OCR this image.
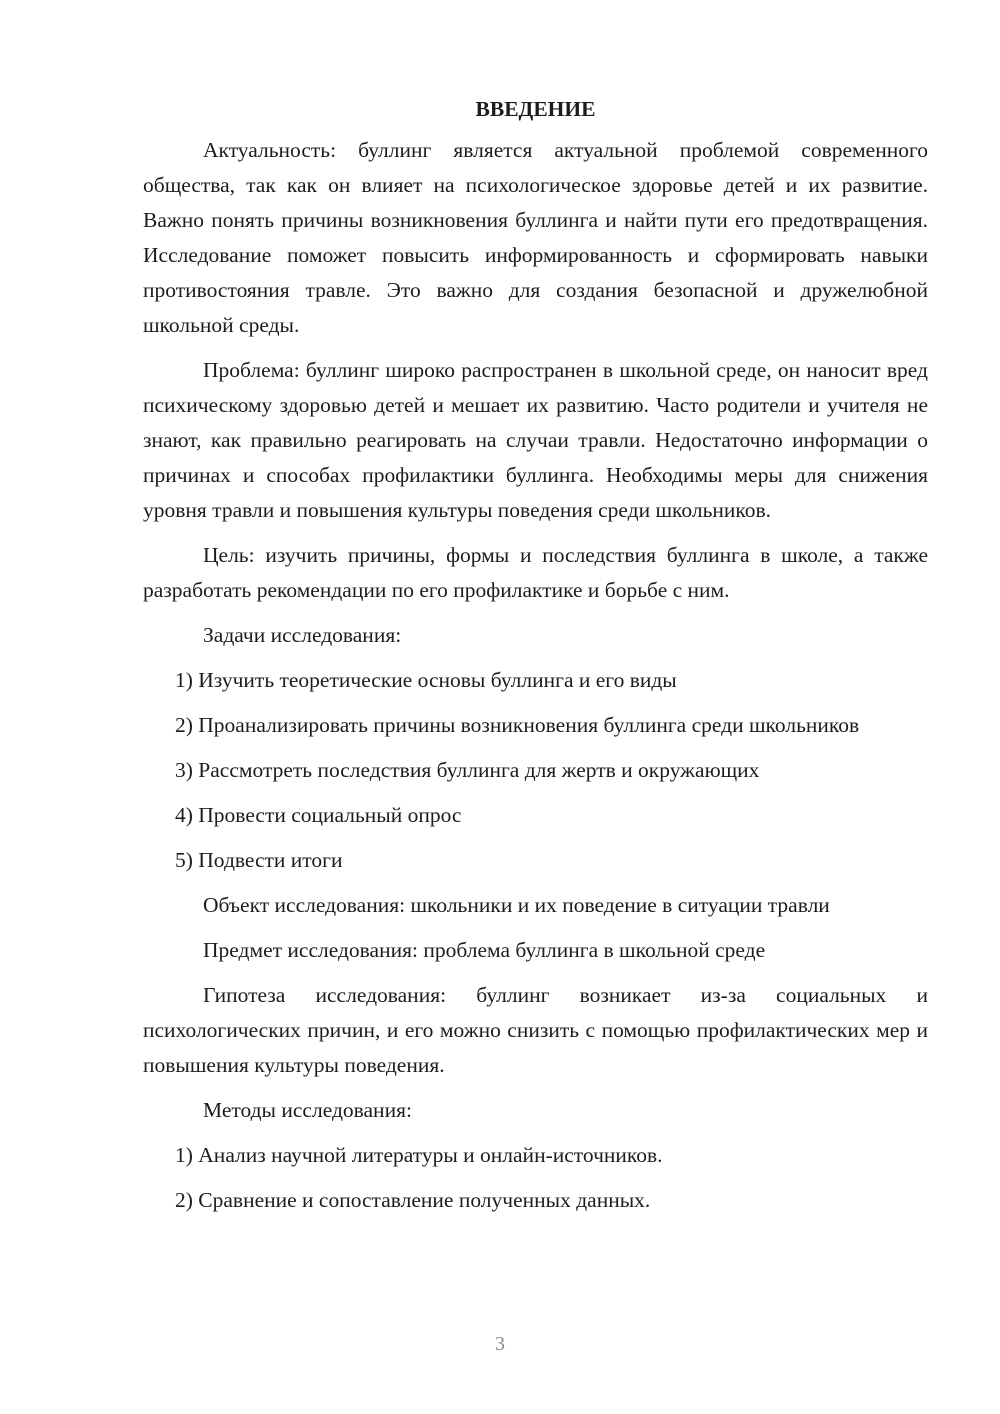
ВВЕДЕНИЕ

Актуальность: буллинг является актуальной проблемой современного общества, так как он влияет на психологическое здоровье детей и их развитие. Важно понять причины возникновения буллинга и найти пути его предотвращения. Исследование поможет повысить информированность и сформировать навыки противостояния травле. Это важно для создания безопасной и дружелюбной школьной среды.

Проблема: буллинг широко распространен в школьной среде, он наносит вред психическому здоровью детей и мешает их развитию. Часто родители и учителя не знают, как правильно реагировать на случаи травли. Недостаточно информации о причинах и способах профилактики буллинга. Необходимы меры для снижения уровня травли и повышения культуры поведения среди школьников.

Цель: изучить причины, формы и последствия буллинга в школе, а также разработать рекомендации по его профилактике и борьбе с ним.

Задачи исследования:

1) Изучить теоретические основы буллинга и его виды

2) Проанализировать причины возникновения буллинга среди школьников

3) Рассмотреть последствия буллинга для жертв и окружающих

4) Провести социальный опрос

5) Подвести итоги

Объект исследования: школьники и их поведение в ситуации травли

Предмет исследования: проблема буллинга в школьной среде

Гипотеза исследования: буллинг возникает из-за социальных и психологических причин, и его можно снизить с помощью профилактических мер и повышения культуры поведения.

Методы исследования:

1) Анализ научной литературы и онлайн-источников.

2) Сравнение и сопоставление полученных данных.

3
